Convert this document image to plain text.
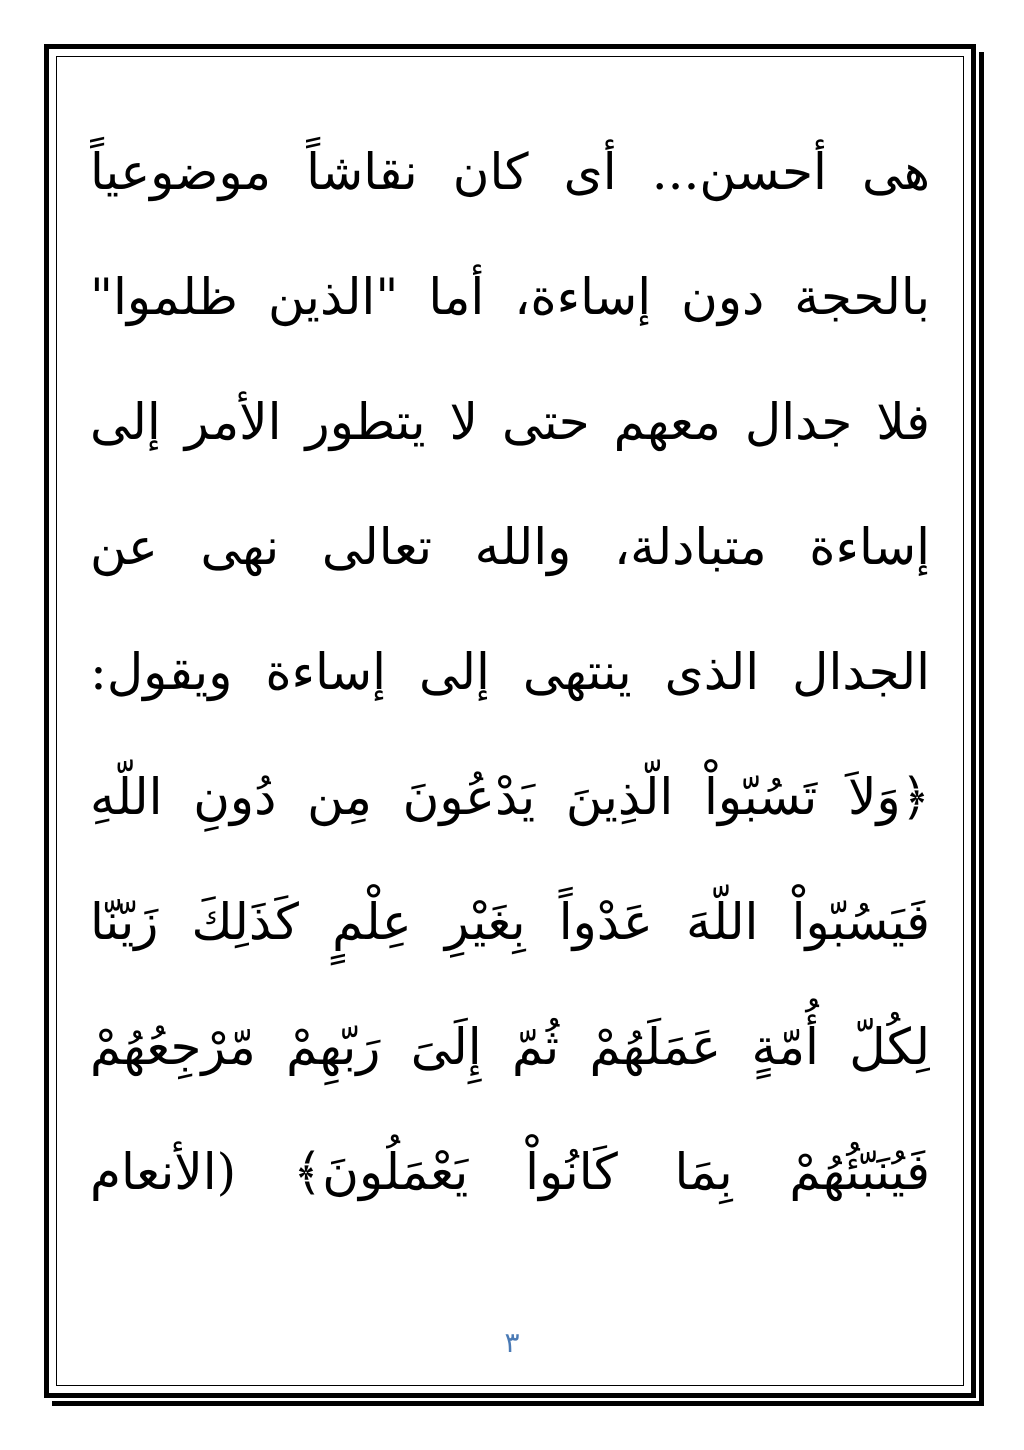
هى أحسن... أى كان نقاشاً موضوعياً
بالحجة دون إساءة، أما "الذين ظلموا"
فلا جدال معهم حتى لا يتطور الأمر إلى
إساءة متبادلة، والله تعالى نهى عن
الجدال الذى ينتهى إلى إساءة ويقول:
﴿وَلاَ تَسُبّواْ الّذِينَ يَدْعُونَ مِن دُونِ اللّهِ
فَيَسُبّواْ اللّهَ عَدْواً بِغَيْرِ عِلْمٍ كَذَلِكَ زَيّنّا
لِكُلّ أُمّةٍ عَمَلَهُمْ ثُمّ إِلَىَ رَبّهِمْ مّرْجِعُهُمْ
فَيُنَبّئُهُمْ بِمَا كَانُواْ يَعْمَلُونَ﴾ (الأنعام
٣
